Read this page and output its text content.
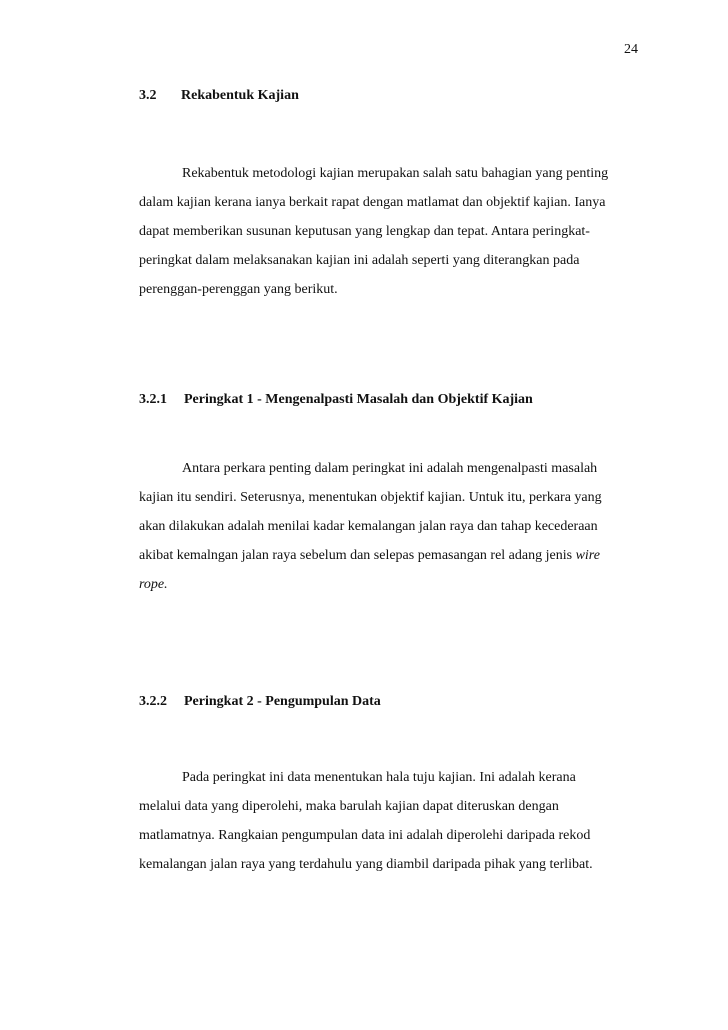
24
3.2	Rekabentuk Kajian

Rekabentuk metodologi kajian merupakan salah satu bahagian yang penting
dalam kajian kerana ianya berkait rapat dengan matlamat dan objektif kajian. Ianya
dapat memberikan susunan keputusan yang lengkap dan tepat. Antara peringkat-
peringkat dalam melaksanakan kajian ini adalah seperti yang diterangkan pada
perenggan-perenggan yang berikut.

3.2.1	Peringkat 1 - Mengenalpasti Masalah dan Objektif Kajian

Antara perkara penting dalam peringkat ini adalah mengenalpasti masalah
kajian itu sendiri. Seterusnya, menentukan objektif kajian. Untuk itu, perkara yang
akan dilakukan adalah menilai kadar kemalangan jalan raya dan tahap kecederaan
akibat kemalngan jalan raya sebelum dan selepas pemasangan rel adang jenis wire
rope.

3.2.2	Peringkat 2 - Pengumpulan Data

Pada peringkat ini data menentukan hala tuju kajian. Ini adalah kerana
melalui data yang diperolehi, maka barulah kajian dapat diteruskan dengan
matlamatnya. Rangkaian pengumpulan data ini adalah diperolehi daripada rekod
kemalangan jalan raya yang terdahulu yang diambil daripada pihak yang terlibat.
